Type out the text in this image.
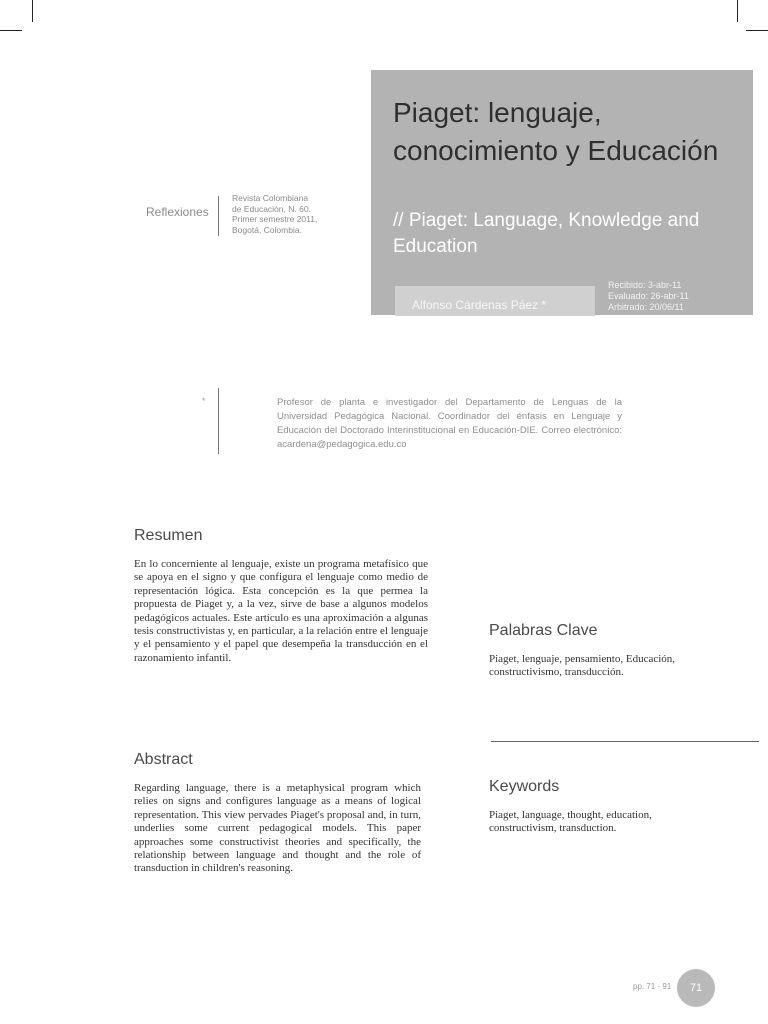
Piaget: lenguaje, conocimiento y Educación
// Piaget: Language, Knowledge and Education
Alfonso Cárdenas Páez *
Recibido: 3-abr-11
Evaluado: 26-abr-11
Arbitrado: 20/06/11
Reflexiones
Revista Colombiana
de Educación, N. 60.
Primer semestre 2011,
Bogotá, Colombia.
*	Profesor de planta e investigador del Departamento de Lenguas de la Universidad Pedagógica Nacional. Coordinador del énfasis en Lenguaje y Educación del Doctorado Interinstitucional en Educación-DIE. Correo electrónico: acardena@pedagogica.edu.co
Resumen
En lo concerniente al lenguaje, existe un programa metafísico que se apoya en el signo y que configura el lenguaje como medio de representación lógica. Esta concepción es la que permea la propuesta de Piaget y, a la vez, sirve de base a algunos modelos pedagógicos actuales. Este artículo es una aproximación a algunas tesis constructivistas y, en particular, a la relación entre el lenguaje y el pensamiento y el papel que desempeña la transducción en el razonamiento infantil.
Palabras Clave
Piaget, lenguaje, pensamiento, Educación, constructivismo, transducción.
Abstract
Regarding language, there is a metaphysical program which relies on signs and configures language as a means of logical representation. This view pervades Piaget's proposal and, in turn, underlies some current pedagogical models. This paper approaches some constructivist theories and specifically, the relationship between language and thought and the role of transduction in children's reasoning.
Keywords
Piaget, language, thought, education, constructivism, transduction.
pp. 71 - 91 71
